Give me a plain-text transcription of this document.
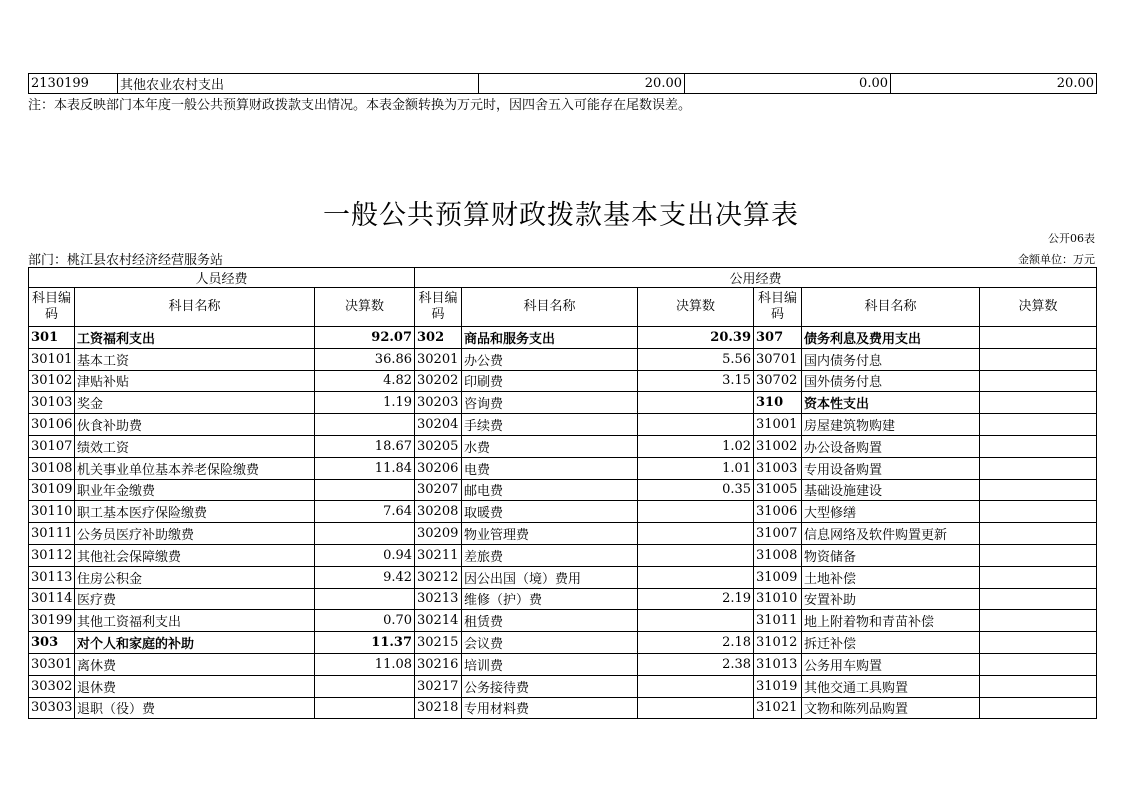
2130199	其他农业农村支出	20.00	0.00	20.00
注：本表反映部门本年度一般公共预算财政拨款支出情况。本表金额转换为万元时，因四舍五入可能存在尾数误差。
一般公共预算财政拨款基本支出决算表
公开06表
部门：桃江县农村经济经营服务站	金额单位：万元
人员经费			公用经费					
科目编码	科目名称	决算数	科目编码	科目名称	决算数	科目编码	科目名称	决算数
301	工资福利支出	92.07	302	商品和服务支出	20.39	307	债务利息及费用支出	
30101	基本工资	36.86	30201	办公费	5.56	30701	国内债务付息	
30102	津贴补贴	4.82	30202	印刷费	3.15	30702	国外债务付息	
30103	奖金	1.19	30203	咨询费		310	资本性支出	
30106	伙食补助费		30204	手续费		31001	房屋建筑物购建	
30107	绩效工资	18.67	30205	水费	1.02	31002	办公设备购置	
30108	机关事业单位基本养老保险缴费	11.84	30206	电费	1.01	31003	专用设备购置	
30109	职业年金缴费		30207	邮电费	0.35	31005	基础设施建设	
30110	职工基本医疗保险缴费	7.64	30208	取暖费		31006	大型修缮	
30111	公务员医疗补助缴费		30209	物业管理费		31007	信息网络及软件购置更新	
30112	其他社会保障缴费	0.94	30211	差旅费		31008	物资储备	
30113	住房公积金	9.42	30212	因公出国（境）费用		31009	土地补偿	
30114	医疗费		30213	维修（护）费	2.19	31010	安置补助	
30199	其他工资福利支出	0.70	30214	租赁费		31011	地上附着物和青苗补偿	
303	对个人和家庭的补助	11.37	30215	会议费	2.18	31012	拆迁补偿	
30301	离休费	11.08	30216	培训费	2.38	31013	公务用车购置	
30302	退休费		30217	公务接待费		31019	其他交通工具购置	
30303	退职（役）费		30218	专用材料费		31021	文物和陈列品购置	
